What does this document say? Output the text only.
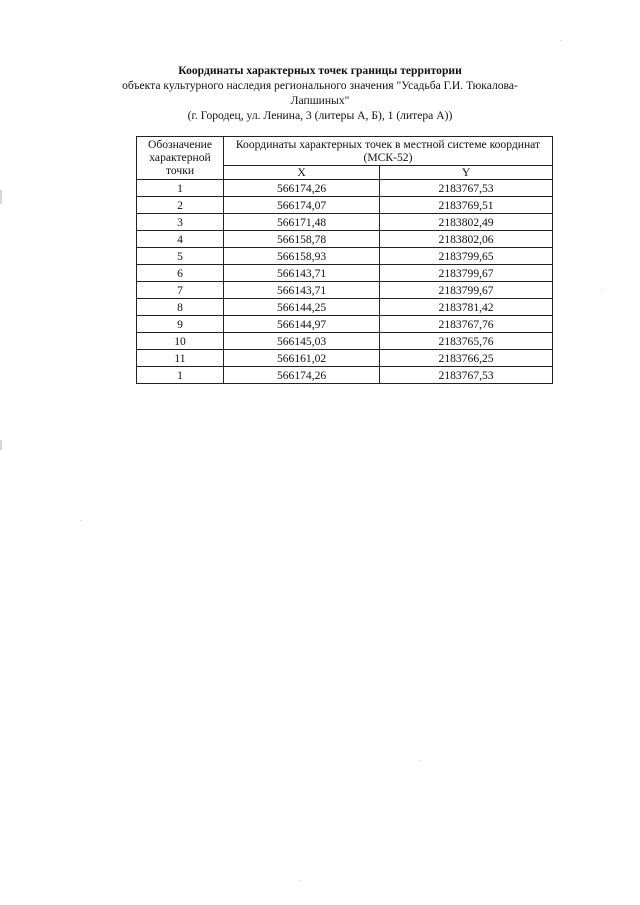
Координаты характерных точек границы территории
объекта культурного наследия регионального значения "Усадьба Г.И. Тюкалова-
Лапшиных"
(г. Городец, ул. Ленина, 3 (литеры А, Б), 1 (литера А))
Обозначение характерной точки	Координаты характерных точек в местной системе координат (МСК-52)	
	X	Y
1	566174,26	2183767,53
2	566174,07	2183769,51
3	566171,48	2183802,49
4	566158,78	2183802,06
5	566158,93	2183799,65
6	566143,71	2183799,67
7	566143,71	2183799,67
8	566144,25	2183781,42
9	566144,97	2183767,76
10	566145,03	2183765,76
11	566161,02	2183766,25
1	566174,26	2183767,53
